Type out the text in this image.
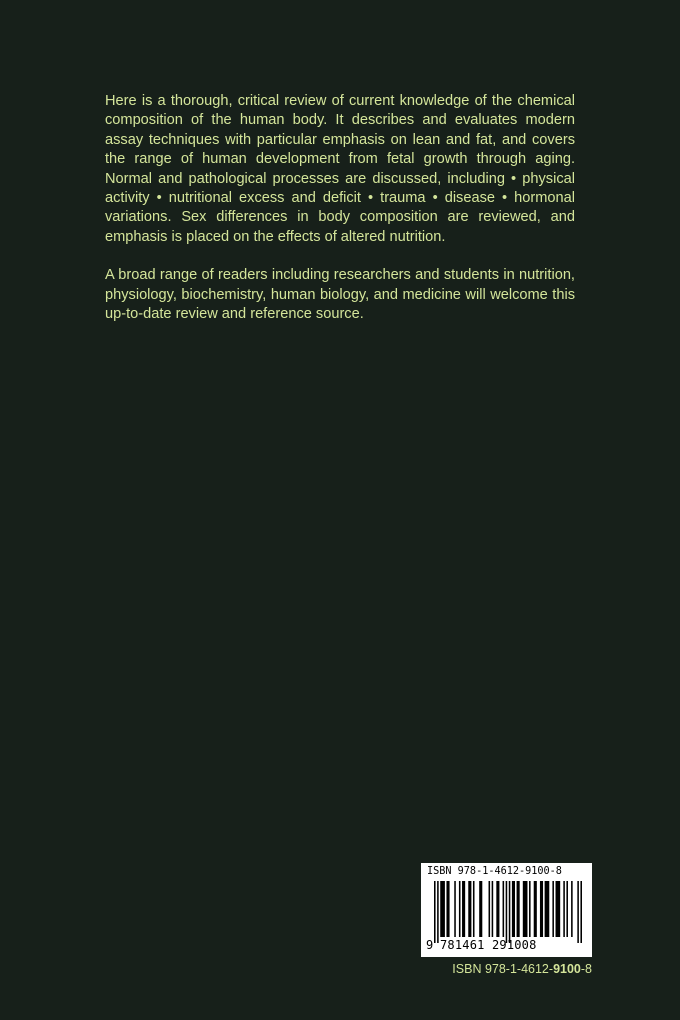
Here is a thorough, critical review of current knowledge of the chemical composition of the human body. It describes and evaluates modern assay techniques with particular emphasis on lean and fat, and covers the range of human development from fetal growth through aging. Normal and pathological processes are discussed, including • physical activity • nutritional excess and deficit • trauma • disease • hormonal variations. Sex differences in body composition are reviewed, and emphasis is placed on the effects of altered nutrition.

A broad range of readers including researchers and students in nutrition, physiology, biochemistry, human biology, and medicine will welcome this up-to-date review and reference source.

ISBN 978-1-4612-9100-8
9 781461 291008
ISBN 978-1-4612-9100-8
